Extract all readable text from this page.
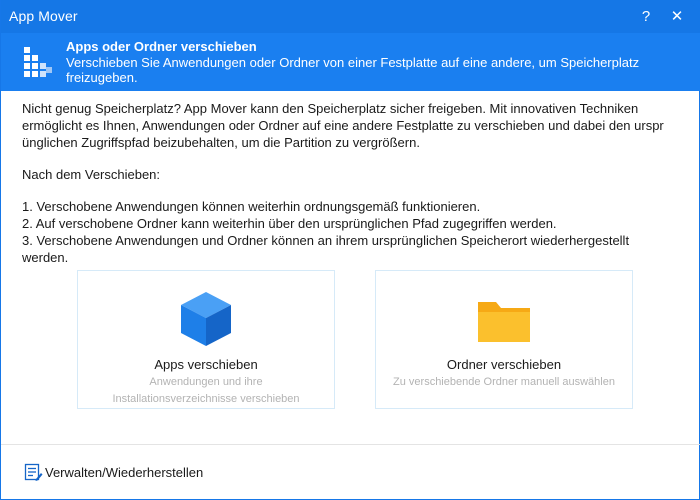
App Mover	? ✕
Apps oder Ordner verschieben
Verschieben Sie Anwendungen oder Ordner von einer Festplatte auf eine andere, um Speicherplatz freizugeben.

Nicht genug Speicherplatz? App Mover kann den Speicherplatz sicher freigeben. Mit innovativen Techniken

ermöglicht es Ihnen, Anwendungen oder Ordner auf eine andere Festplatte zu verschieben und dabei den urspr

ünglichen Zugriffspfad beizubehalten, um die Partition zu vergrößern.

Nach dem Verschieben:

1. Verschobene Anwendungen können weiterhin ordnungsgemäß funktionieren.

2. Auf verschobene Ordner kann weiterhin über den ursprünglichen Pfad zugegriffen werden.

3. Verschobene Anwendungen und Ordner können an ihrem ursprünglichen Speicherort wiederhergestellt

werden.

Apps verschieben
Anwendungen und ihre
Installationsverzeichnisse verschieben
Ordner verschieben
Zu verschiebende Ordner manuell auswählen
Verwalten/Wiederherstellen
